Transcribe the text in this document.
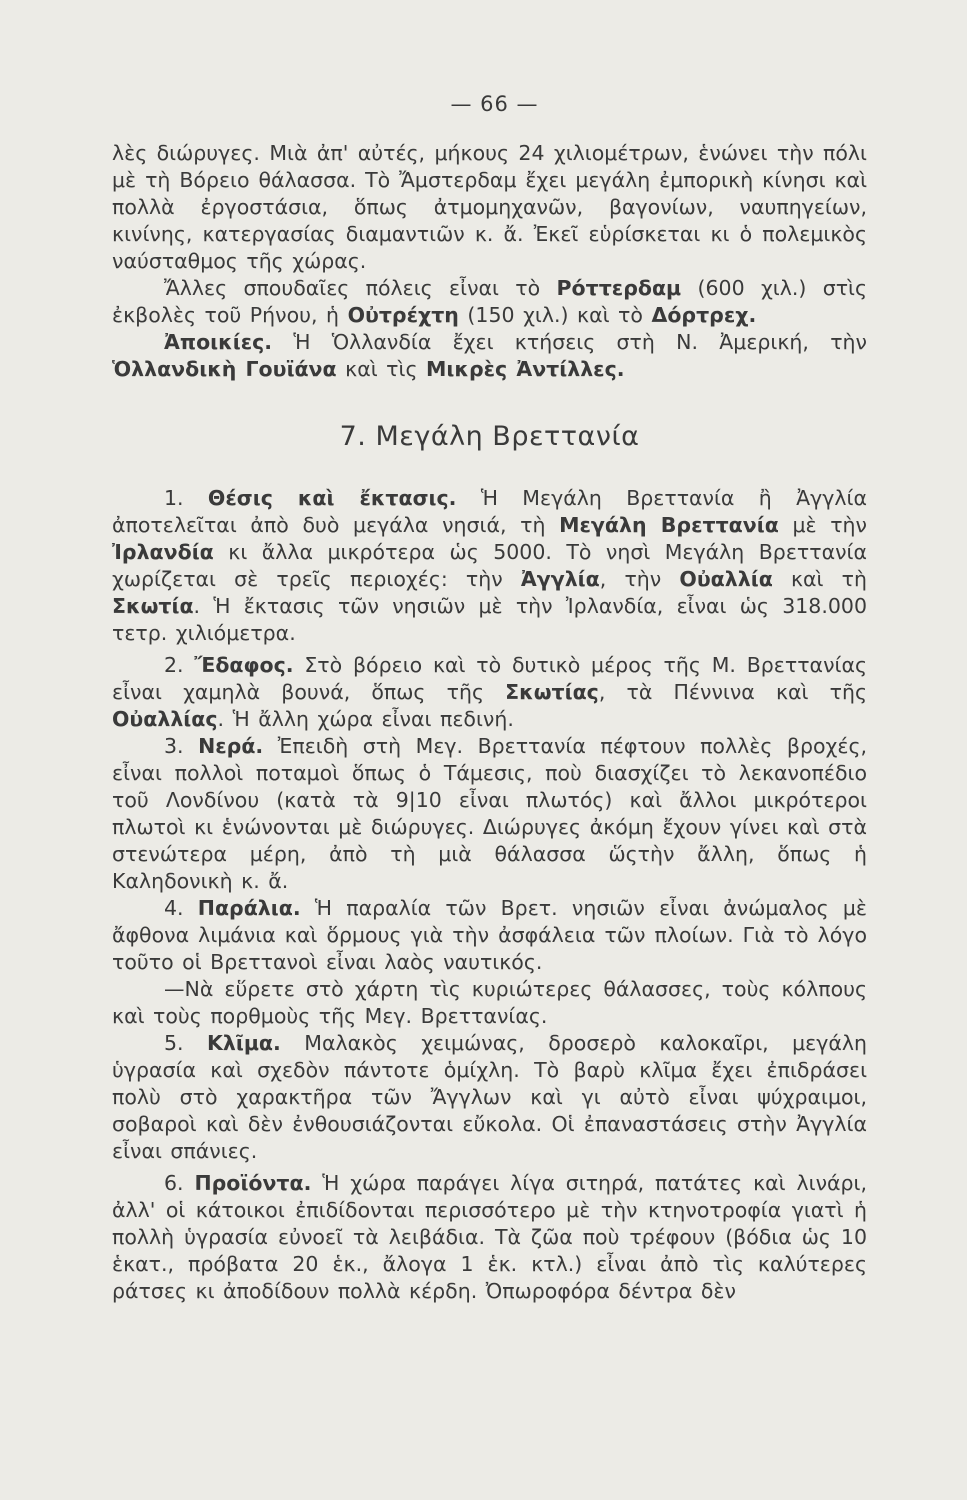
— 66 —

λὲς διώρυγες. Μιὰ ἀπ' αὐτές, μήκους 24 χιλιομέτρων, ἑνώνει τὴν πόλι μὲ τὴ Βόρειο θάλασσα. Τὸ Ἄμστερδαμ ἔχει μεγάλη ἐμπορικὴ κίνησι καὶ πολλὰ ἐργοστάσια, ὅπως ἀτμομηχανῶν, βαγονίων, ναυπηγείων, κινίνης, κατεργασίας διαμαντιῶν κ. ἄ. Ἐκεῖ εὑρίσκεται κι ὁ πολεμικὸς ναύσταθμος τῆς χώρας.

Ἄλλες σπουδαῖες πόλεις εἶναι τὸ Ρόττερδαμ (600 χιλ.) στὶς ἐκβολὲς τοῦ Ρήνου, ἡ Οὐτρέχτη (150 χιλ.) καὶ τὸ Δόρτρεχ.

Ἀποικίες. Ἡ Ὁλλανδία ἔχει κτήσεις στὴ Ν. Ἀμερική, τὴν Ὁλλανδικὴ Γουϊάνα καὶ τὶς Μικρὲς Ἀντίλλες.

7. Μεγάλη Βρεττανία

1. Θέσις καὶ ἔκτασις. Ἡ Μεγάλη Βρεττανία ἢ Ἀγγλία ἀποτελεῖται ἀπὸ δυὸ μεγάλα νησιά, τὴ Μεγάλη Βρεττανία μὲ τὴν Ἰρλανδία κι ἄλλα μικρότερα ὡς 5000. Τὸ νησὶ Μεγάλη Βρεττανία χωρίζεται σὲ τρεῖς περιοχές: τὴν Ἀγγλία, τὴν Οὐαλλία καὶ τὴ Σκωτία. Ἡ ἔκτασις τῶν νησιῶν μὲ τὴν Ἰρλανδία, εἶναι ὡς 318.000 τετρ. χιλιόμετρα.

2. Ἔδαφος. Στὸ βόρειο καὶ τὸ δυτικὸ μέρος τῆς Μ. Βρεττανίας εἶναι χαμηλὰ βουνά, ὅπως τῆς Σκωτίας, τὰ Πέννινα καὶ τῆς Οὐαλλίας. Ἡ ἄλλη χώρα εἶναι πεδινή.

3. Νερά. Ἐπειδὴ στὴ Μεγ. Βρεττανία πέφτουν πολλὲς βροχές, εἶναι πολλοὶ ποταμοὶ ὅπως ὁ Τάμεσις, ποὺ διασχίζει τὸ λεκανοπέδιο τοῦ Λονδίνου (κατὰ τὰ 9|10 εἶναι πλωτός) καὶ ἄλλοι μικρότεροι πλωτοὶ κι ἑνώνονται μὲ διώρυγες. Διώρυγες ἀκόμη ἔχουν γίνει καὶ στὰ στενώτερα μέρη, ἀπὸ τὴ μιὰ θάλασσα ὥςτὴν ἄλλη, ὅπως ἡ Καληδονικὴ κ. ἄ.

4. Παράλια. Ἡ παραλία τῶν Βρετ. νησιῶν εἶναι ἀνώμαλος μὲ ἄφθονα λιμάνια καὶ ὅρμους γιὰ τὴν ἀσφάλεια τῶν πλοίων. Γιὰ τὸ λόγο τοῦτο οἱ Βρεττανοὶ εἶναι λαὸς ναυτικός.

—Νὰ εὕρετε στὸ χάρτη τὶς κυριώτερες θάλασσες, τοὺς κόλπους καὶ τοὺς πορθμοὺς τῆς Μεγ. Βρεττανίας.

5. Κλῖμα. Μαλακὸς χειμώνας, δροσερὸ καλοκαῖρι, μεγάλη ὑγρασία καὶ σχεδὸν πάντοτε ὁμίχλη. Τὸ βαρὺ κλῖμα ἔχει ἐπιδράσει πολὺ στὸ χαρακτῆρα τῶν Ἄγγλων καὶ γι αὐτὸ εἶναι ψύχραιμοι, σοβαροὶ καὶ δὲν ἐνθουσιάζονται εὔκολα. Οἱ ἐπαναστάσεις στὴν Ἀγγλία εἶναι σπάνιες.

6. Προϊόντα. Ἡ χώρα παράγει λίγα σιτηρά, πατάτες καὶ λινάρι, ἀλλ' οἱ κάτοικοι ἐπιδίδονται περισσότερο μὲ τὴν κτηνοτροφία γιατὶ ἡ πολλὴ ὑγρασία εὐνοεῖ τὰ λειβάδια. Τὰ ζῶα ποὺ τρέφουν (βόδια ὡς 10 ἑκατ., πρόβατα 20 ἑκ., ἄλογα 1 ἑκ. κτλ.) εἶναι ἀπὸ τὶς καλύτερες ράτσες κι ἀποδίδουν πολλὰ κέρδη. Ὀπωροφόρα δέντρα δὲν
